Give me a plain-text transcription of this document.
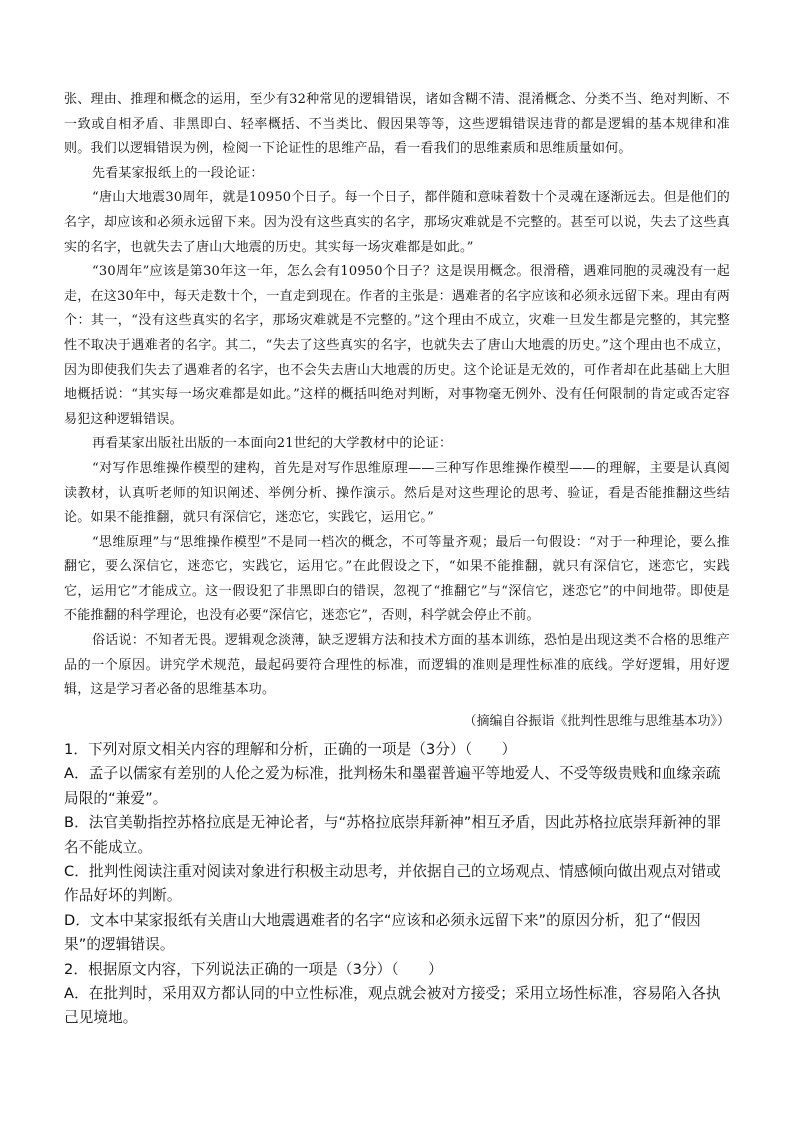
张、理由、推理和概念的运用，至少有32种常见的逻辑错误，诸如含糊不清、混淆概念、分类不当、绝对判断、不一致或自相矛盾、非黑即白、轻率概括、不当类比、假因果等等，这些逻辑错误违背的都是逻辑的基本规律和准则。我们以逻辑错误为例，检阅一下论证性的思维产品，看一看我们的思维素质和思维质量如何。

先看某家报纸上的一段论证：

“唐山大地震30周年，就是10950个日子。每一个日子，都伴随和意味着数十个灵魂在逐渐远去。但是他们的名字，却应该和必须永远留下来。因为没有这些真实的名字，那场灾难就是不完整的。甚至可以说，失去了这些真实的名字，也就失去了唐山大地震的历史。其实每一场灾难都是如此。”

“30周年”应该是第30年这一年，怎么会有10950个日子？这是误用概念。很滑稽，遇难同胞的灵魂没有一起走，在这30年中，每天走数十个，一直走到现在。作者的主张是：遇难者的名字应该和必须永远留下来。理由有两个：其一，“没有这些真实的名字，那场灾难就是不完整的。”这个理由不成立，灾难一旦发生都是完整的，其完整性不取决于遇难者的名字。其二，“失去了这些真实的名字，也就失去了唐山大地震的历史。”这个理由也不成立，因为即使我们失去了遇难者的名字，也不会失去唐山大地震的历史。这个论证是无效的，可作者却在此基础上大胆地概括说：“其实每一场灾难都是如此。”这样的概括叫绝对判断，对事物毫无例外、没有任何限制的肯定或否定容易犯这种逻辑错误。

再看某家出版社出版的一本面向21世纪的大学教材中的论证：

“对写作思维操作模型的建构，首先是对写作思维原理——三种写作思维操作模型——的理解，主要是认真阅读教材，认真听老师的知识阐述、举例分析、操作演示。然后是对这些理论的思考、验证，看是否能推翻这些结论。如果不能推翻，就只有深信它，迷恋它，实践它，运用它。”

“思维原理”与“思维操作模型”不是同一档次的概念，不可等量齐观；最后一句假设：“对于一种理论，要么推翻它，要么深信它，迷恋它，实践它，运用它。”在此假设之下，“如果不能推翻，就只有深信它，迷恋它，实践它，运用它”才能成立。这一假设犯了非黑即白的错误，忽视了“推翻它”与“深信它，迷恋它”的中间地带。即使是不能推翻的科学理论，也没有必要“深信它，迷恋它”，否则，科学就会停止不前。

俗话说：不知者无畏。逻辑观念淡薄，缺乏逻辑方法和技术方面的基本训练，恐怕是出现这类不合格的思维产品的一个原因。讲究学术规范，最起码要符合理性的标准，而逻辑的准则是理性标准的底线。学好逻辑，用好逻辑，这是学习者必备的思维基本功。

（摘编自谷振诣《批判性思维与思维基本功》）

1．下列对原文相关内容的理解和分析，正确的一项是（3分）（　　）

A．孟子以儒家有差别的人伦之爱为标准，批判杨朱和墨翟普遍平等地爱人、不受等级贵贱和血缘亲疏局限的“兼爱”。

B．法官美勒指控苏格拉底是无神论者，与“苏格拉底崇拜新神”相互矛盾，因此苏格拉底崇拜新神的罪名不能成立。

C．批判性阅读注重对阅读对象进行积极主动思考，并依据自己的立场观点、情感倾向做出观点对错或作品好坏的判断。

D．文本中某家报纸有关唐山大地震遇难者的名字“应该和必须永远留下来”的原因分析，犯了“假因果”的逻辑错误。

2．根据原文内容，下列说法正确的一项是（3分）（　　）

A．在批判时，采用双方都认同的中立性标准，观点就会被对方接受；采用立场性标准，容易陷入各执己见境地。
